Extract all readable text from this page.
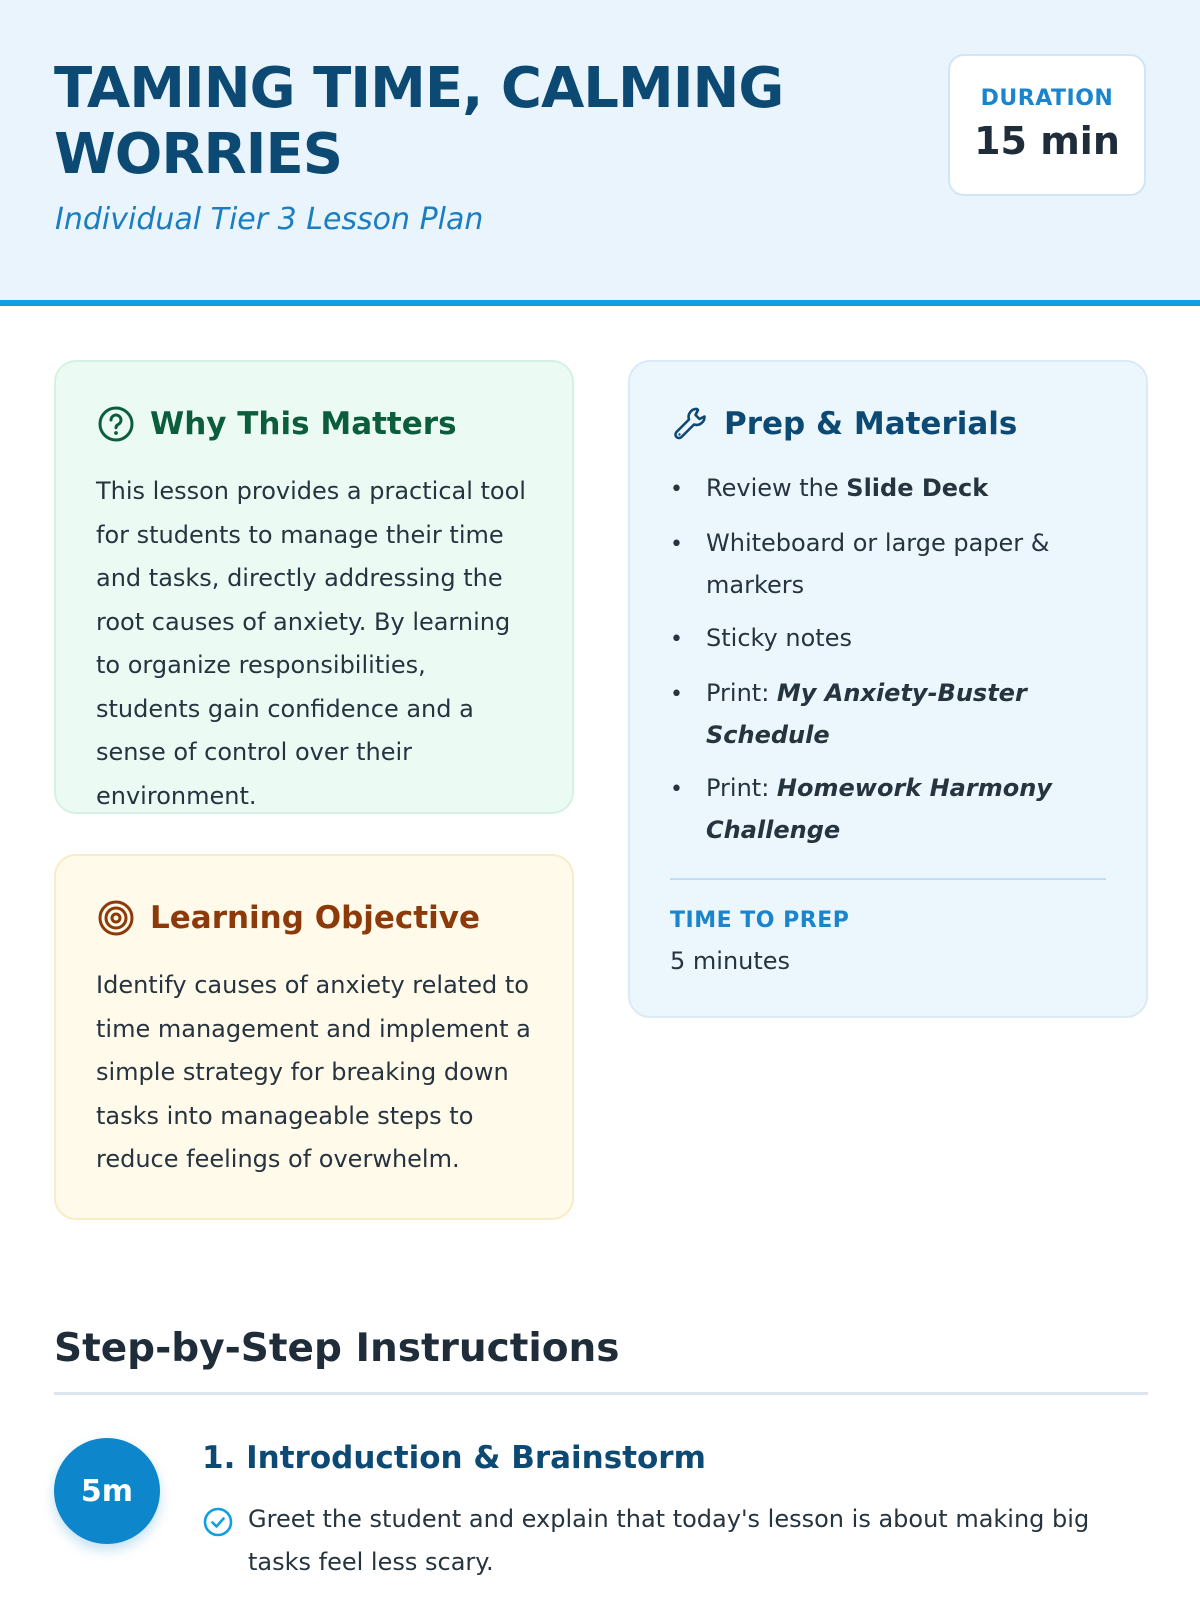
TAMING TIME, CALMING WORRIES
Individual Tier 3 Lesson Plan
DURATION
15 min
Why This Matters

This lesson provides a practical tool for students to manage their time and tasks, directly addressing the root causes of anxiety. By learning to organize responsibilities, students gain confidence and a sense of control over their environment.

Learning Objective

Identify causes of anxiety related to time management and implement a simple strategy for breaking down tasks into manageable steps to reduce feelings of overwhelm.

Prep & Materials
• Review the Slide Deck
• Whiteboard or large paper & markers
• Sticky notes
• Print: My Anxiety-Buster Schedule
• Print: Homework Harmony Challenge
TIME TO PREP
5 minutes
Step-by-Step Instructions
5m
1. Introduction & Brainstorm
Greet the student and explain that today's lesson is about making big tasks feel less scary.
